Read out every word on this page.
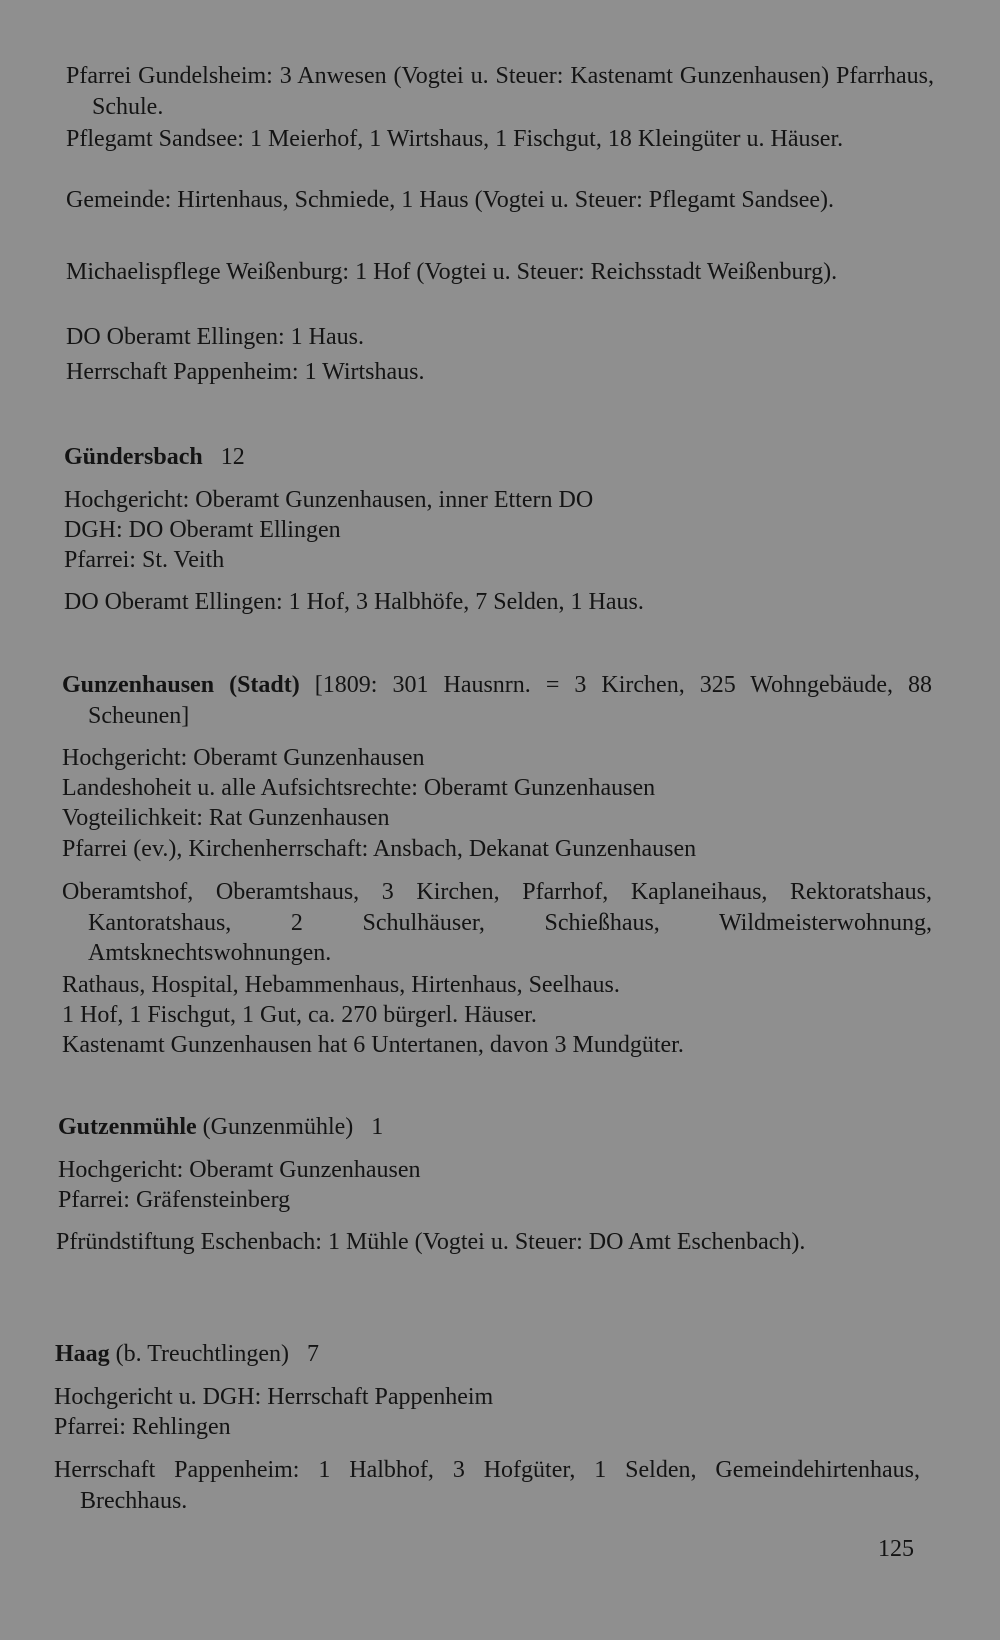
Pfarrei Gundelsheim: 3 Anwesen (Vogtei u. Steuer: Kastenamt Gunzenhausen) Pfarrhaus, Schule.

Pflegamt Sandsee: 1 Meierhof, 1 Wirtshaus, 1 Fischgut, 18 Kleingüter u. Häuser.

Gemeinde: Hirtenhaus, Schmiede, 1 Haus (Vogtei u. Steuer: Pflegamt Sandsee).

Michaelispflege Weißenburg: 1 Hof (Vogtei u. Steuer: Reichsstadt Weißenburg).

DO Oberamt Ellingen: 1 Haus.

Herrschaft Pappenheim: 1 Wirtshaus.

Gündersbach 12

Hochgericht: Oberamt Gunzenhausen, inner Ettern DO

DGH: DO Oberamt Ellingen

Pfarrei: St. Veith

DO Oberamt Ellingen: 1 Hof, 3 Halbhöfe, 7 Selden, 1 Haus.

Gunzenhausen (Stadt) [1809: 301 Hausnrn. = 3 Kirchen, 325 Wohngebäude, 88 Scheunen]

Hochgericht: Oberamt Gunzenhausen

Landeshoheit u. alle Aufsichtsrechte: Oberamt Gunzenhausen

Vogteilichkeit: Rat Gunzenhausen

Pfarrei (ev.), Kirchenherrschaft: Ansbach, Dekanat Gunzenhausen

Oberamtshof, Oberamtshaus, 3 Kirchen, Pfarrhof, Kaplaneihaus, Rektoratshaus, Kantoratshaus, 2 Schulhäuser, Schießhaus, Wildmeisterwohnung, Amtsknechtswohnungen.

Rathaus, Hospital, Hebammenhaus, Hirtenhaus, Seelhaus.

1 Hof, 1 Fischgut, 1 Gut, ca. 270 bürgerl. Häuser.

Kastenamt Gunzenhausen hat 6 Untertanen, davon 3 Mundgüter.

Gutzenmühle (Gunzenmühle) 1

Hochgericht: Oberamt Gunzenhausen

Pfarrei: Gräfensteinberg

Pfründstiftung Eschenbach: 1 Mühle (Vogtei u. Steuer: DO Amt Eschenbach).

Haag (b. Treuchtlingen) 7

Hochgericht u. DGH: Herrschaft Pappenheim

Pfarrei: Rehlingen

Herrschaft Pappenheim: 1 Halbhof, 3 Hofgüter, 1 Selden, Gemeindehirtenhaus, Brechhaus.

125
